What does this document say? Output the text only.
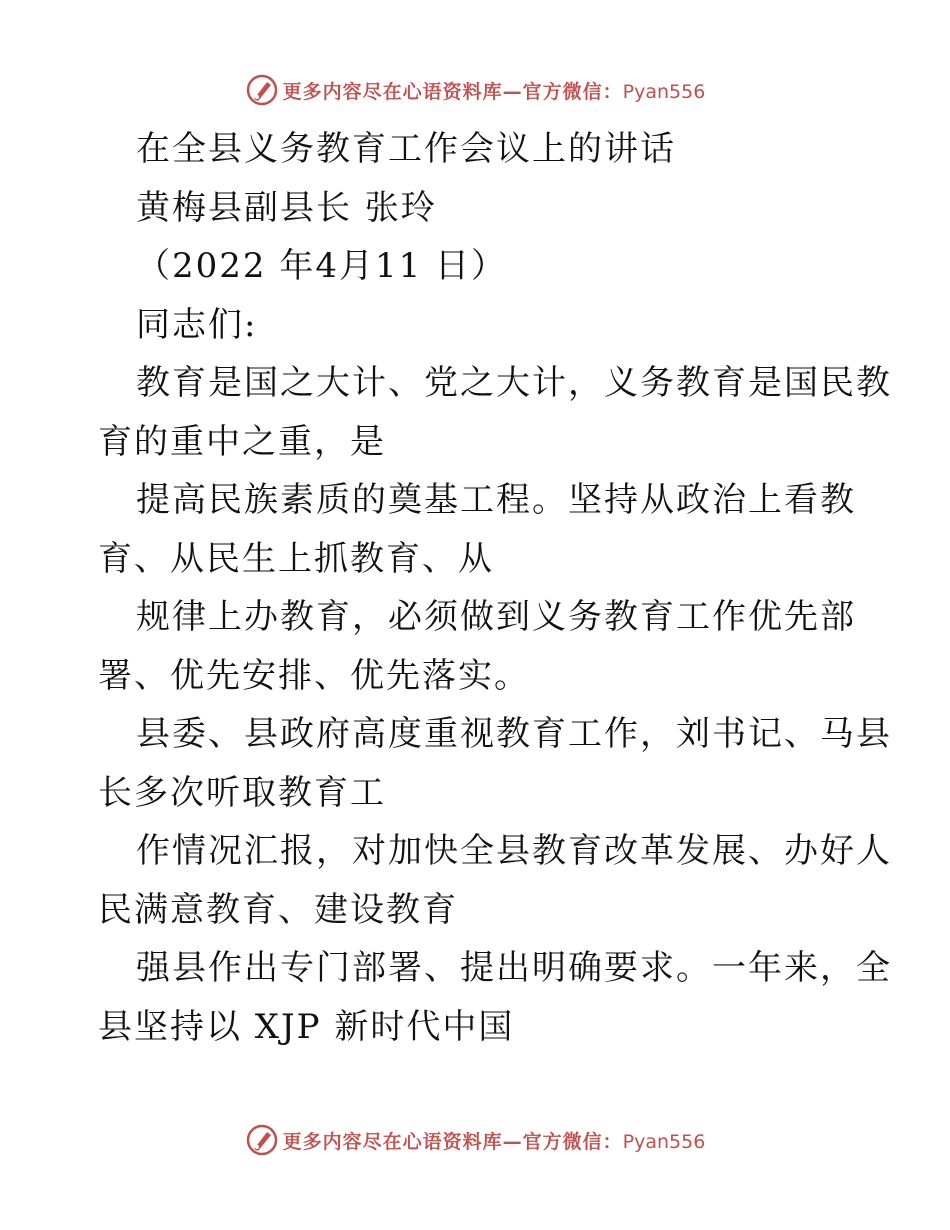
更多内容尽在心语资料库—官方微信：Pyan556
在全县义务教育工作会议上的讲话
黄梅县副县长 张玲
（2022 年4月11 日）
同志们:
教育是国之大计、党之大计，义务教育是国民教
育的重中之重，是
提高民族素质的奠基工程。坚持从政治上看教
育、从民生上抓教育、从
规律上办教育，必须做到义务教育工作优先部
署、优先安排、优先落实。
县委、县政府高度重视教育工作，刘书记、马县
长多次听取教育工
作情况汇报，对加快全县教育改革发展、办好人
民满意教育、建设教育
强县作出专门部署、提出明确要求。一年来，全
县坚持以 XJP 新时代中国
更多内容尽在心语资料库—官方微信：Pyan556
